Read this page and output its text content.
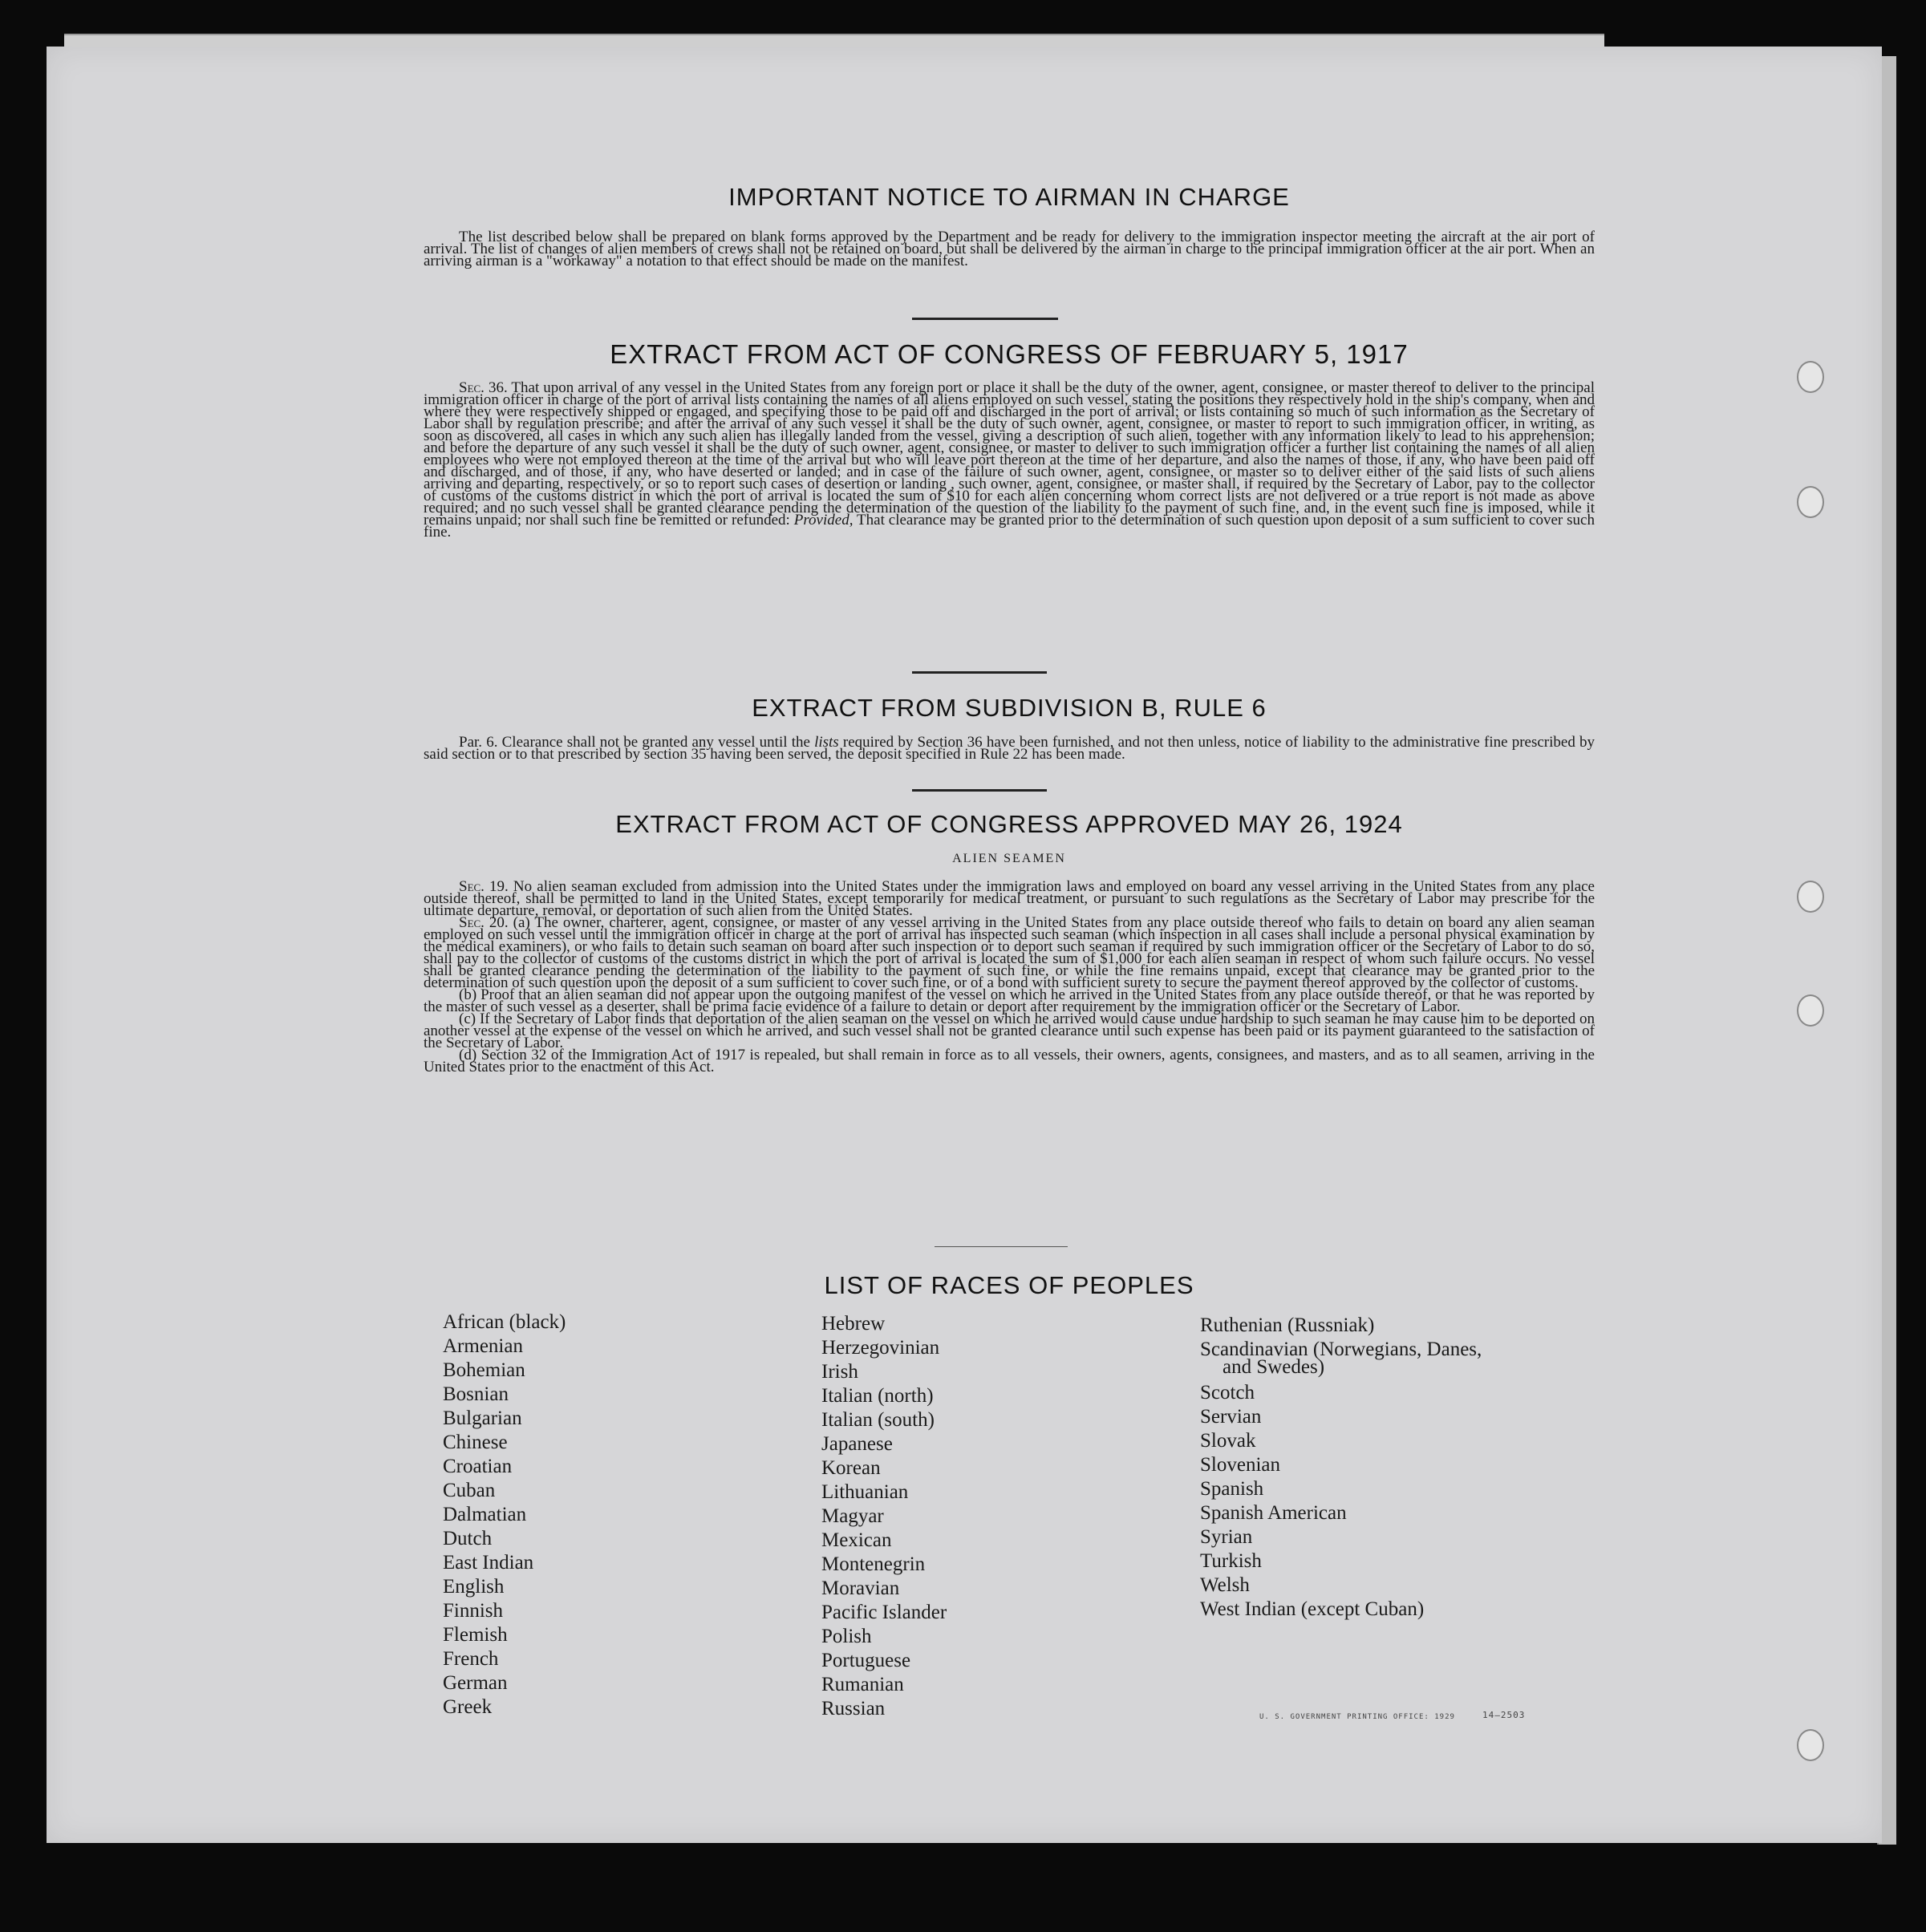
IMPORTANT NOTICE TO AIRMAN IN CHARGE

The list described below shall be prepared on blank forms approved by the Department and be ready for delivery to the immigration inspector meeting the aircraft at the air port of arrival. The list of changes of alien members of crews shall not be retained on board, but shall be delivered by the airman in charge to the principal immigration officer at the air port. When an arriving airman is a "workaway" a notation to that effect should be made on the manifest.

EXTRACT FROM ACT OF CONGRESS OF FEBRUARY 5, 1917

Sec. 36. That upon arrival of any vessel in the United States from any foreign port or place it shall be the duty of the owner, agent, consignee, or master thereof to deliver to the principal immigration officer in charge of the port of arrival lists containing the names of all aliens employed on such vessel, stating the positions they respectively hold in the ship's company, when and where they were respectively shipped or engaged, and specifying those to be paid off and discharged in the port of arrival; or lists containing so much of such information as the Secretary of Labor shall by regulation prescribe; and after the arrival of any such vessel it shall be the duty of such owner, agent, consignee, or master to report to such immigration officer, in writing, as soon as discovered, all cases in which any such alien has illegally landed from the vessel, giving a description of such alien, together with any information likely to lead to his apprehension; and before the departure of any such vessel it shall be the duty of such owner, agent, consignee, or master to deliver to such immigration officer a further list containing the names of all alien employees who were not employed thereon at the time of the arrival but who will leave port thereon at the time of her departure, and also the names of those, if any, who have been paid off and discharged, and of those, if any, who have deserted or landed; and in case of the failure of such owner, agent, consignee, or master so to deliver either of the said lists of such aliens arriving and departing, respectively, or so to report such cases of desertion or landing , such owner, agent, consignee, or master shall, if required by the Secretary of Labor, pay to the collector of customs of the customs district in which the port of arrival is located the sum of $10 for each alien concerning whom correct lists are not delivered or a true report is not made as above required; and no such vessel shall be granted clearance pending the determination of the question of the liability to the payment of such fine, and, in the event such fine is imposed, while it remains unpaid; nor shall such fine be remitted or refunded: Provided, That clearance may be granted prior to the determination of such question upon deposit of a sum sufficient to cover such fine.

EXTRACT FROM SUBDIVISION B, RULE 6

Par. 6. Clearance shall not be granted any vessel until the lists required by Section 36 have been furnished, and not then unless, notice of liability to the administrative fine prescribed by said section or to that prescribed by section 35 having been served, the deposit specified in Rule 22 has been made.

EXTRACT FROM ACT OF CONGRESS APPROVED MAY 26, 1924
ALIEN SEAMEN

Sec. 19. No alien seaman excluded from admission into the United States under the immigration laws and employed on board any vessel arriving in the United States from any place outside thereof, shall be permitted to land in the United States, except temporarily for medical treatment, or pursuant to such regulations as the Secretary of Labor may prescribe for the ultimate departure, removal, or deportation of such alien from the United States.

Sec. 20. (a) The owner, charterer, agent, consignee, or master of any vessel arriving in the United States from any place outside thereof who fails to detain on board any alien seaman employed on such vessel until the immigration officer in charge at the port of arrival has inspected such seaman (which inspection in all cases shall include a personal physical examination by the medical examiners), or who fails to detain such seaman on board after such inspection or to deport such seaman if required by such immigration officer or the Secretary of Labor to do so, shall pay to the collector of customs of the customs district in which the port of arrival is located the sum of $1,000 for each alien seaman in respect of whom such failure occurs. No vessel shall be granted clearance pending the determination of the liability to the payment of such fine, or while the fine remains unpaid, except that clearance may be granted prior to the determination of such question upon the deposit of a sum sufficient to cover such fine, or of a bond with sufficient surety to secure the payment thereof approved by the collector of customs.

(b) Proof that an alien seaman did not appear upon the outgoing manifest of the vessel on which he arrived in the United States from any place outside thereof, or that he was reported by the master of such vessel as a deserter, shall be prima facie evidence of a failure to detain or deport after requirement by the immigration officer or the Secretary of Labor.

(c) If the Secretary of Labor finds that deportation of the alien seaman on the vessel on which he arrived would cause undue hardship to such seaman he may cause him to be deported on another vessel at the expense of the vessel on which he arrived, and such vessel shall not be granted clearance until such expense has been paid or its payment guaranteed to the satisfaction of the Secretary of Labor.

(d) Section 32 of the Immigration Act of 1917 is repealed, but shall remain in force as to all vessels, their owners, agents, consignees, and masters, and as to all seamen, arriving in the United States prior to the enactment of this Act.

LIST OF RACES OF PEOPLES
African (black)
Armenian
Bohemian
Bosnian
Bulgarian
Chinese
Croatian
Cuban
Dalmatian
Dutch
East Indian
English
Finnish
Flemish
French
German
Greek
Hebrew
Herzegovinian
Irish
Italian (north)
Italian (south)
Japanese
Korean
Lithuanian
Magyar
Mexican
Montenegrin
Moravian
Pacific Islander
Polish
Portuguese
Rumanian
Russian
Ruthenian (Russniak)
Scandinavian (Norwegians, Danes,
and Swedes)
Scotch
Servian
Slovak
Slovenian
Spanish
Spanish American
Syrian
Turkish
Welsh
West Indian (except Cuban)
U. S. GOVERNMENT PRINTING OFFICE: 1929	14—2503
